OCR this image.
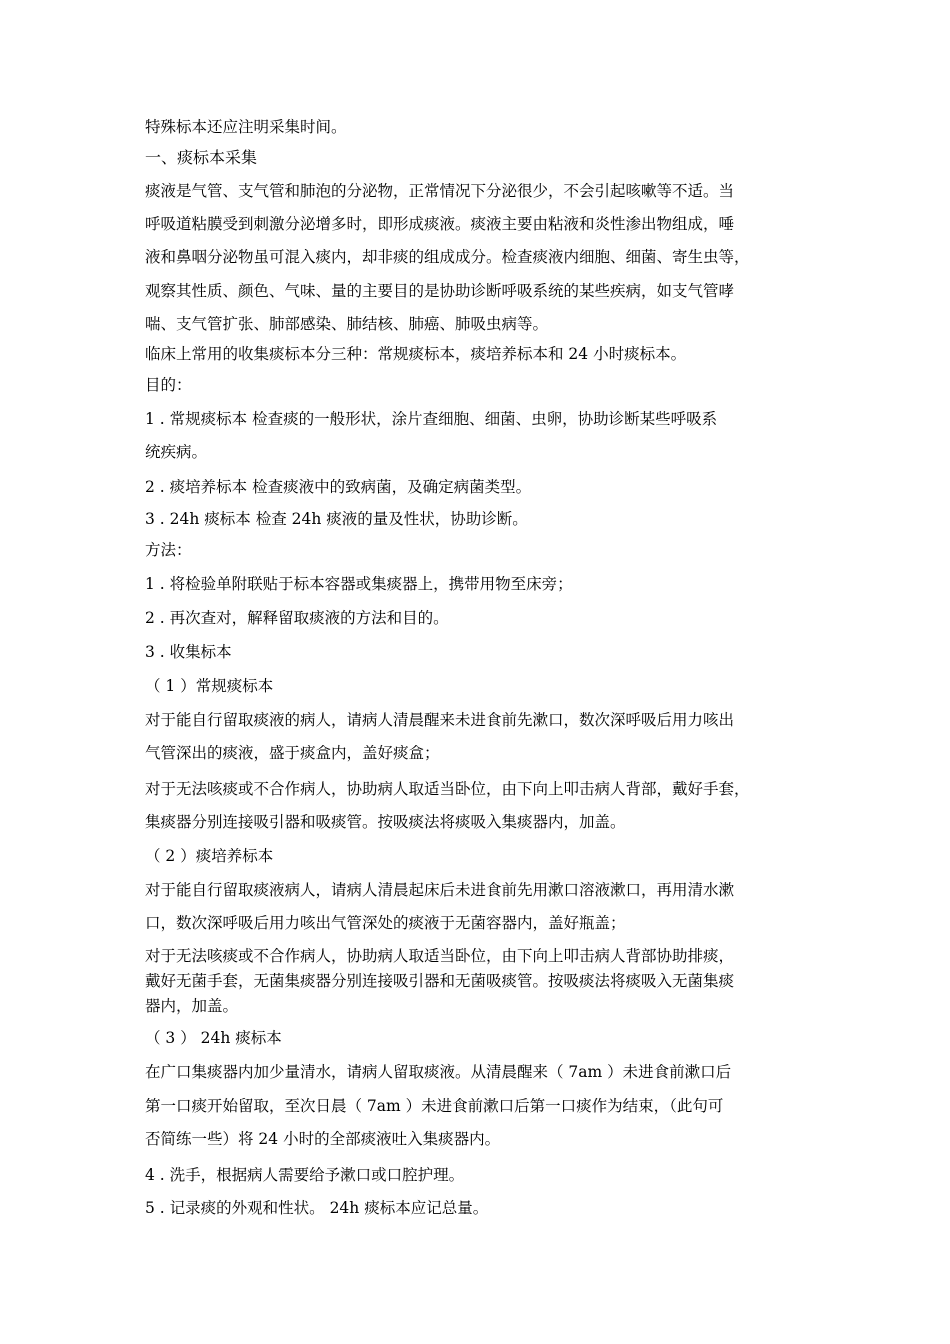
特殊标本还应注明采集时间。
一、痰标本采集
痰液是气管、支气管和肺泡的分泌物，正常情况下分泌很少，不会引起咳嗽等不适。当
呼吸道粘膜受到刺激分泌增多时，即形成痰液。痰液主要由粘液和炎性渗出物组成，唾
液和鼻咽分泌物虽可混入痰内，却非痰的组成成分。检查痰液内细胞、细菌、寄生虫等，
观察其性质、颜色、气味、量的主要目的是协助诊断呼吸系统的某些疾病，如支气管哮
喘、支气管扩张、肺部感染、肺结核、肺癌、肺吸虫病等。
临床上常用的收集痰标本分三种：常规痰标本，痰培养标本和 24 小时痰标本。
目的：
1 . 常规痰标本 检查痰的一般形状，涂片查细胞、细菌、虫卵，协助诊断某些呼吸系
统疾病。
2 . 痰培养标本 检查痰液中的致病菌，及确定病菌类型。
3 . 24h 痰标本 检查 24h 痰液的量及性状，协助诊断。
方法：
1 . 将检验单附联贴于标本容器或集痰器上，携带用物至床旁；
2 . 再次查对，解释留取痰液的方法和目的。
3 . 收集标本
（ 1 ）常规痰标本
对于能自行留取痰液的病人，请病人清晨醒来未进食前先漱口，数次深呼吸后用力咳出
气管深出的痰液，盛于痰盒内，盖好痰盒；
对于无法咳痰或不合作病人，协助病人取适当卧位，由下向上叩击病人背部，戴好手套，
集痰器分别连接吸引器和吸痰管。按吸痰法将痰吸入集痰器内，加盖。
（ 2 ）痰培养标本
对于能自行留取痰液病人，请病人清晨起床后未进食前先用漱口溶液漱口，再用清水漱
口，数次深呼吸后用力咳出气管深处的痰液于无菌容器内，盖好瓶盖；
对于无法咳痰或不合作病人，协助病人取适当卧位，由下向上叩击病人背部协助排痰，
戴好无菌手套，无菌集痰器分别连接吸引器和无菌吸痰管。按吸痰法将痰吸入无菌集痰
器内，加盖。
（ 3 ） 24h 痰标本
在广口集痰器内加少量清水，请病人留取痰液。从清晨醒来（ 7am ）未进食前漱口后
第一口痰开始留取，至次日晨（ 7am ）未进食前漱口后第一口痰作为结束，（此句可
否简练一些）将 24 小时的全部痰液吐入集痰器内。
4 . 洗手，根据病人需要给予漱口或口腔护理。
5 . 记录痰的外观和性状。 24h 痰标本应记总量。
